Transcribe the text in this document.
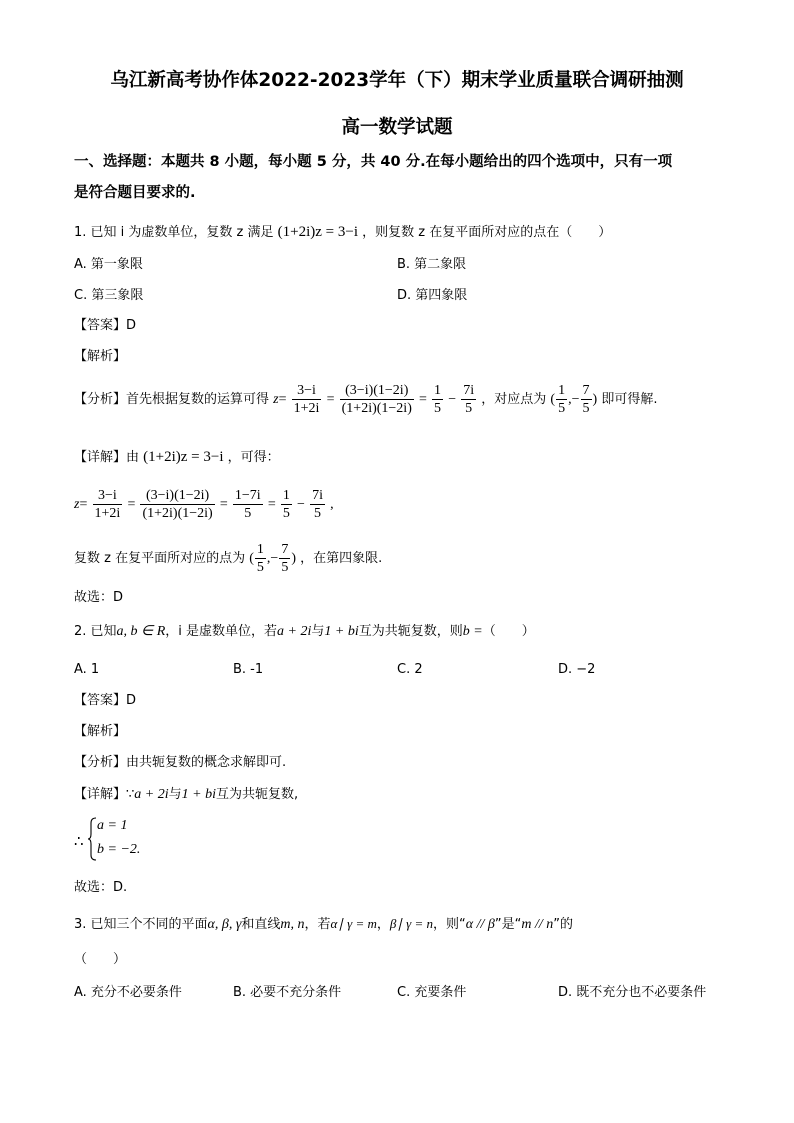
乌江新高考协作体2022-2023学年（下）期末学业质量联合调研抽测
高一数学试题
一、选择题：本题共 8 小题，每小题 5 分，共 40 分.在每小题给出的四个选项中，只有一项
是符合题目要求的.
1. 已知 i 为虚数单位，复数 z 满足 (1+2i)z = 3−i ，则复数 z 在复平面所对应的点在（　　）
A. 第一象限	B. 第二象限
C. 第三象限	D. 第四象限
【答案】D
【解析】
【分析】首先根据复数的运算可得 $z= \frac{3-i}{1+2i} = \frac{(3-i)(1-2i)}{(1+2i)(1-2i)} = \frac{1}{5} - \frac{7i}{5}$ ，对应点为 ( $\frac{1}{5}$ ,− $\frac{7}{5}$ ) 即可得解.
【详解】由 (1+2i)z = 3−i ，可得：
$z= \frac{3-i}{1+2i} = \frac{(3-i)(1-2i)}{(1+2i)(1-2i)} = \frac{1-7i}{5} = \frac{1}{5} - \frac{7i}{5}$ ,
复数 z 在复平面所对应的点为 ( $\frac{1}{5}$ ,− $\frac{7}{5}$ ) ，在第四象限.
故选：D
2. 已知a, b ∈ R，i 是虚数单位，若a + 2i与1 + bi互为共轭复数，则b =（　　）
A. 1	B. -1	C. 2	D. −2
【答案】D
【解析】
【分析】由共轭复数的概念求解即可.
【详解】∵a + 2i与1 + bi互为共轭复数,
∴
a = 1
b = −2.
故选：D.
3. 已知三个不同的平面α, β, γ和直线m, n，若α∣ γ = m，β∣ γ = n，则“α // β”是“m // n”的
（　　）
A. 充分不必要条件	B. 必要不充分条件	C. 充要条件	D. 既不充分也不必要条件
